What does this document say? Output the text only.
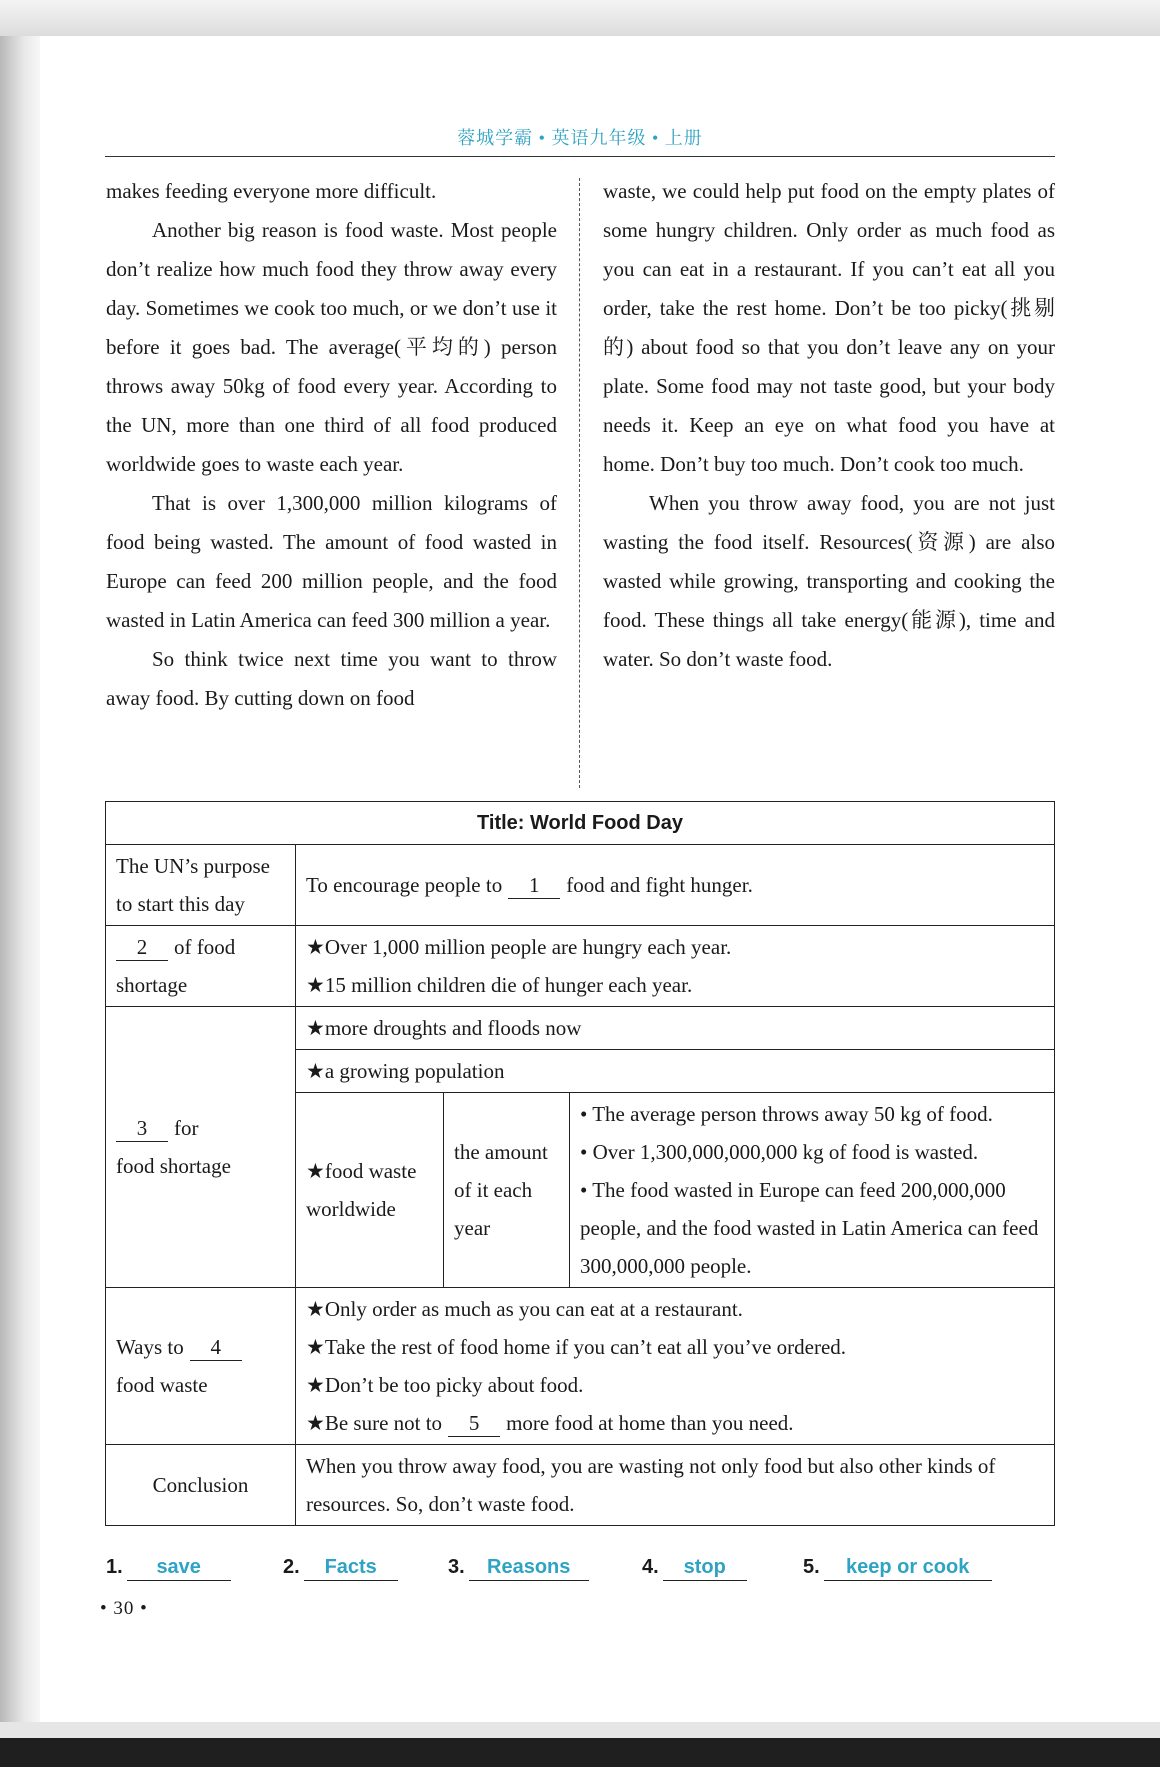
蓉城学霸 • 英语九年级 • 上册

makes feeding everyone more difficult.

Another big reason is food waste. Most people don’t realize how much food they throw away every day. Sometimes we cook too much, or we don’t use it before it goes bad. The average(平均的) person throws away 50kg of food every year. According to the UN, more than one third of all food produced worldwide goes to waste each year.

That is over 1,300,000 million kilograms of food being wasted. The amount of food wasted in Europe can feed 200 million people, and the food wasted in Latin America can feed 300 million a year.

So think twice next time you want to throw away food. By cutting down on food

waste, we could help put food on the empty plates of some hungry children. Only order as much food as you can eat in a restaurant. If you can’t eat all you order, take the rest home. Don’t be too picky(挑剔的) about food so that you don’t leave any on your plate. Some food may not taste good, but your body needs it. Keep an eye on what food you have at home. Don’t buy too much. Don’t cook too much.

When you throw away food, you are not just wasting the food itself. Resources(资源) are also wasted while growing, transporting and cooking the food. These things all take energy(能源), time and water. So don’t waste food.

Title: World Food Day			
The UN’s purpose to start this day	To encourage people to 1 food and fight hunger.		
2 of food
shortage	★Over 1,000 million people are hungry each year.
★15 million children die of hunger each year.		

3 for
food shortage	★more droughts and floods now		
	★a growing population		
	★food waste worldwide	the amount of it each year	• The average person throws away 50 kg of food.
• Over 1,300,000,000,000 kg of food is wasted.
• The food wasted in Europe can feed 200,000,000 people, and the food wasted in Latin America can feed 300,000,000 people.

Ways to 4
food waste	★Only order as much as you can eat at a restaurant.
★Take the rest of food home if you can’t eat all you’ve ordered.
★Don’t be too picky about food.
★Be sure not to 5 more food at home than you need.		

Conclusion	When you throw away food, you are wasting not only food but also other kinds of resources. So, don’t waste food.		
1. save	2. Facts	3. Reasons	4. stop	5. keep or cook
• 30 •
